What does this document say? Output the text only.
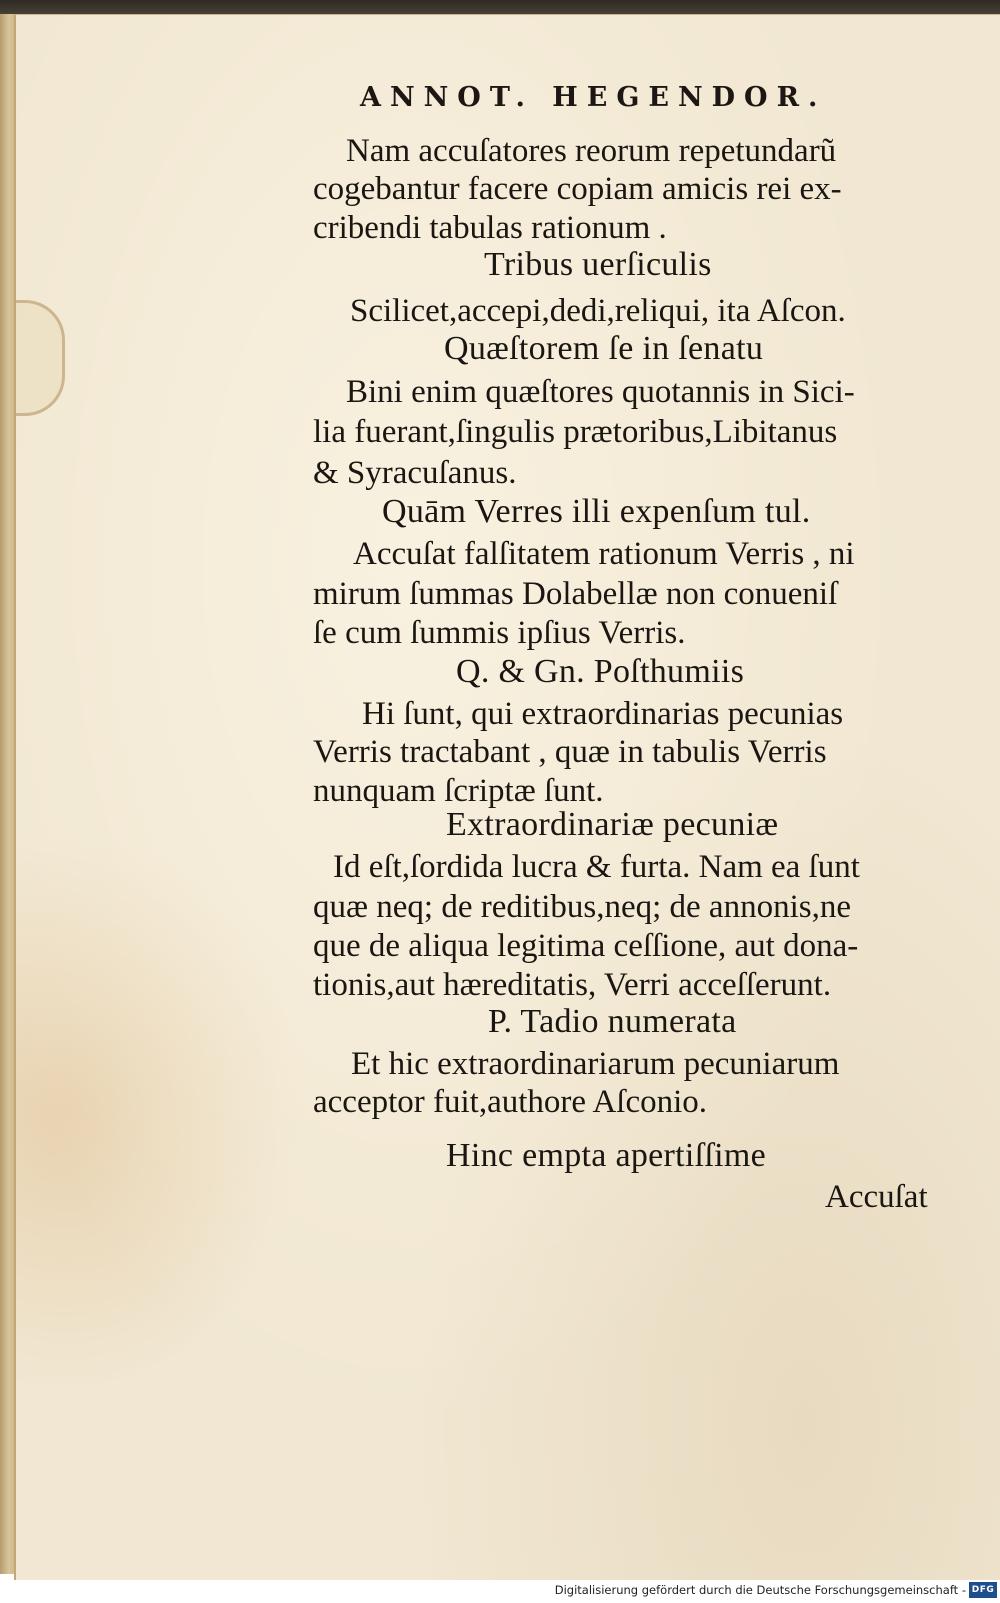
ANNOT. HEGENDOR.
Nam accuſatores reorum repetundarũ
cogebantur facere copiam amicis rei ex-
cribendi tabulas rationum .
Tribus uerſiculis
Scilicet,accepi,dedi,reliqui, ita Aſcon.
Quæſtorem ſe in ſenatu
Bini enim quæſtores quotannis in Sici-
lia fuerant,ſingulis prætoribus,Libitanus
& Syracuſanus.
Quām Verres illi expenſum tul.
Accuſat falſitatem rationum Verris , ni
mirum ſummas Dolabellæ non conueniſ
ſe cum ſummis ipſius Verris.
Q. & Gn. Poſthumiis
Hi ſunt, qui extraordinarias pecunias
Verris tractabant , quæ in tabulis Verris
nunquam ſcriptæ ſunt.
Extraordinariæ pecuniæ
Id eſt,ſordida lucra & furta. Nam ea ſunt
quæ neq; de reditibus,neq; de annonis,ne
que de aliqua legitima ceſſione, aut dona-
tionis,aut hæreditatis, Verri acceſſerunt.
P. Tadio numerata
Et hic extraordinariarum pecuniarum
acceptor fuit,authore Aſconio.
Hinc empta apertiſſime
Accuſat
Digitalisierung gefördert durch die Deutsche Forschungsgemeinschaft - DFG
